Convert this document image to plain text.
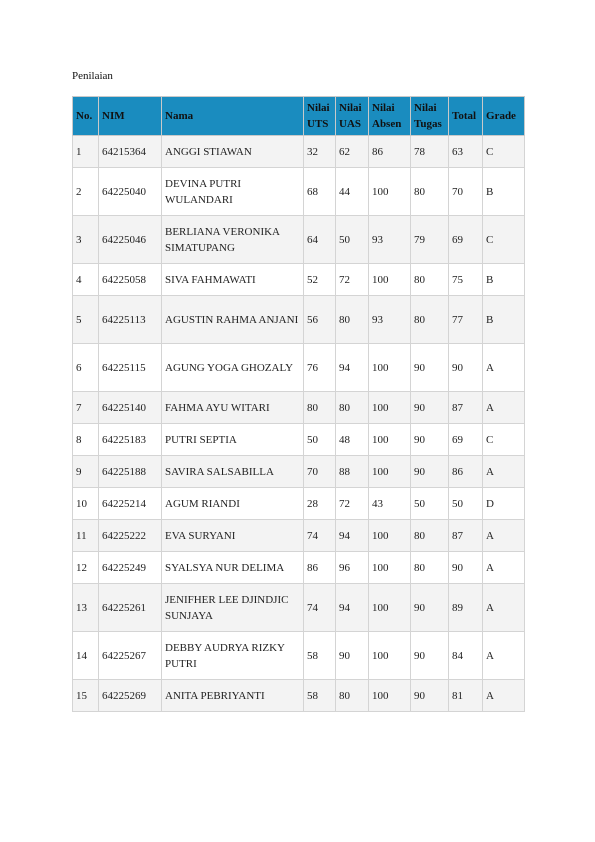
Penilaian
No.	NIM	Nama	Nilai UTS	Nilai UAS	Nilai Absen	Nilai Tugas	Total	Grade
1	64215364	ANGGI STIAWAN	32	62	86	78	63	C
2	64225040	DEVINA PUTRI WULANDARI	68	44	100	80	70	B
3	64225046	BERLIANA VERONIKA SIMATUPANG	64	50	93	79	69	C
4	64225058	SIVA FAHMAWATI	52	72	100	80	75	B
5	64225113	AGUSTIN RAHMA ANJANI	56	80	93	80	77	B
6	64225115	AGUNG YOGA GHOZALY	76	94	100	90	90	A
7	64225140	FAHMA AYU WITARI	80	80	100	90	87	A
8	64225183	PUTRI SEPTIA	50	48	100	90	69	C
9	64225188	SAVIRA SALSABILLA	70	88	100	90	86	A
10	64225214	AGUM RIANDI	28	72	43	50	50	D
11	64225222	EVA SURYANI	74	94	100	80	87	A
12	64225249	SYALSYA NUR DELIMA	86	96	100	80	90	A
13	64225261	JENIFHER LEE DJINDJIC SUNJAYA	74	94	100	90	89	A
14	64225267	DEBBY AUDRYA RIZKY PUTRI	58	90	100	90	84	A
15	64225269	ANITA PEBRIYANTI	58	80	100	90	81	A
